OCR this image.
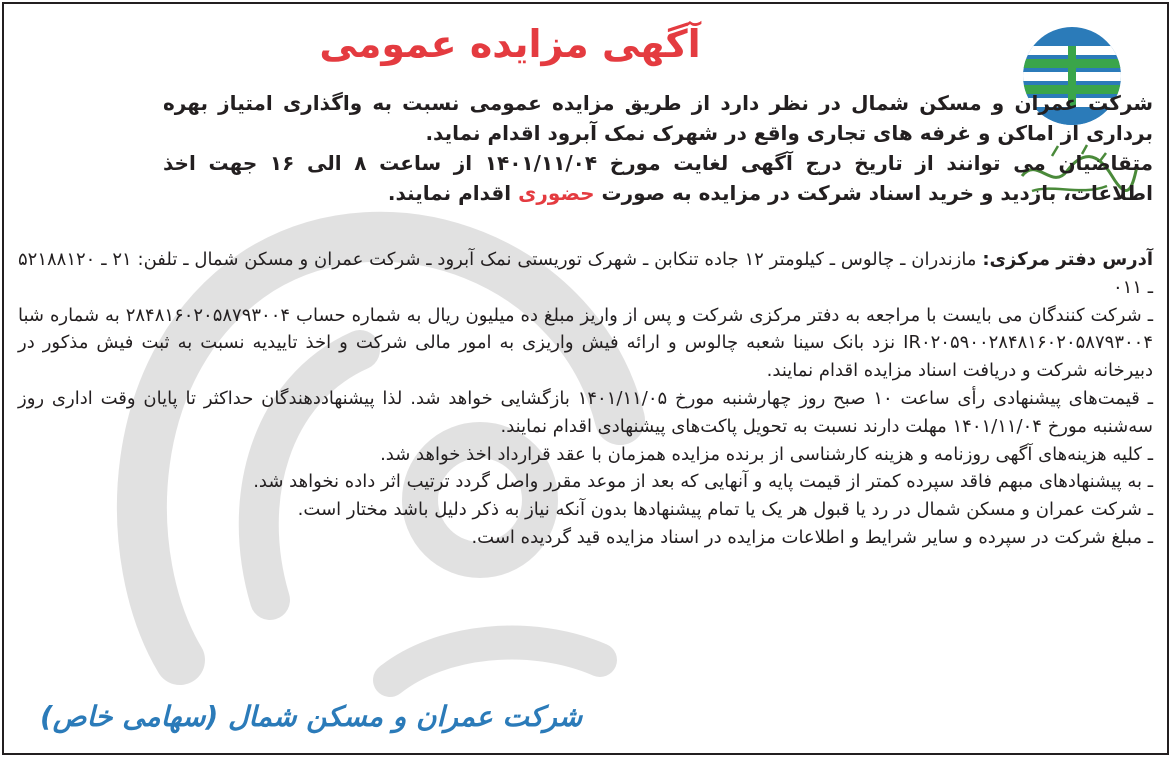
آگهی مزایده عمومی

شرکت عمران و مسکن شمال در نظر دارد از طریق مزایده عمومی نسبت به واگذاری امتیاز بهره برداری از اماکن و غرفه های تجاری واقع در شهرک نمک آبرود اقدام نماید.
متقاضیان می توانند از تاریخ درج آگهی لغایت مورخ ۱۴۰۱/۱۱/۰۴ از ساعت ۸ الی ۱۶ جهت اخذ اطلاعات، بازدید و خرید اسناد شرکت در مزایده به صورت حضوری اقدام نمایند.

آدرس دفتر مرکزی: مازندران ـ چالوس ـ کیلومتر ۱۲ جاده تنکابن ـ شهرک توریستی نمک آبرود ـ شرکت عمران و مسکن شمال ـ تلفن: ۲۱ ـ ۵۲۱۸۸۱۲۰ ـ ۰۱۱

ـ شرکت کنندگان می بایست با مراجعه به دفتر مرکزی شرکت و پس از واریز مبلغ ده میلیون ریال به شماره حساب ۲۸۴۸۱۶۰۲۰۵۸۷۹۳۰۰۴ به شماره شبا IR۰۲۰۵۹۰۰۲۸۴۸۱۶۰۲۰۵۸۷۹۳۰۰۴ نزد بانک سینا شعبه چالوس و ارائه فیش واریزی به امور مالی شرکت و اخذ تاییدیه نسبت به ثبت فیش مذکور در دبیرخانه شرکت و دریافت اسناد مزایده اقدام نمایند.

ـ قیمت‌های پیشنهادی رأی ساعت ۱۰ صبح روز چهارشنبه مورخ ۱۴۰۱/۱۱/۰۵ بازگشایی خواهد شد. لذا پیشنهاددهندگان حداکثر تا پایان وقت اداری روز سه‌شنبه مورخ ۱۴۰۱/۱۱/۰۴ مهلت دارند نسبت به تحویل پاکت‌های پیشنهادی اقدام نمایند.

ـ کلیه هزینه‌های آگهی روزنامه و هزینه کارشناسی از برنده مزایده همزمان با عقد قرارداد اخذ خواهد شد.

ـ به پیشنهادهای مبهم فاقد سپرده کمتر از قیمت پایه و آنهایی که بعد از موعد مقرر واصل گردد ترتیب اثر داده نخواهد شد.

ـ شرکت عمران و مسکن شمال در رد یا قبول هر یک یا تمام پیشنهادها بدون آنکه نیاز به ذکر دلیل باشد مختار است.

ـ مبلغ شرکت در سپرده و سایر شرایط و اطلاعات مزایده در اسناد مزایده قید گردیده است.

شرکت عمران و مسکن شمال (سهامی خاص)
